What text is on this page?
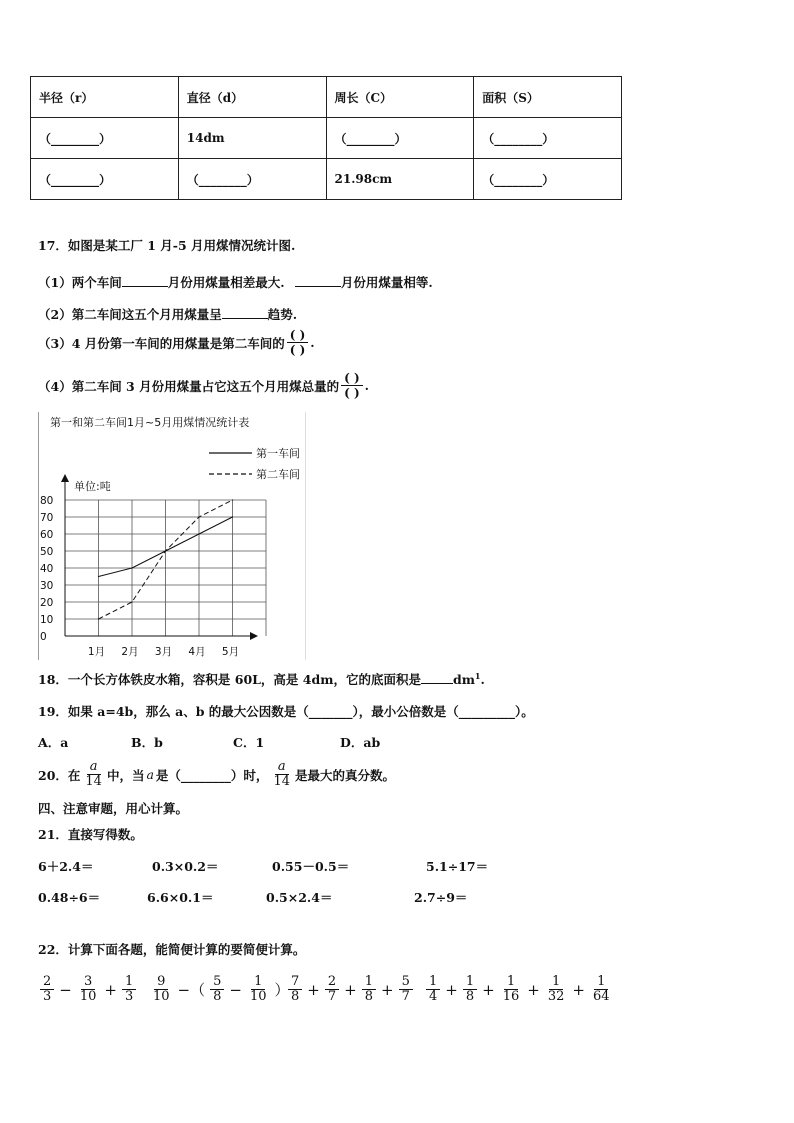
半径（r）	直径（d）	周长（C）	面积（S）
（________）	14dm	（________）	（________）
（________）	（________）	21.98cm	（________）
17．如图是某工厂 1 月-5 月用煤情况统计图.
（1）两个车间	月份用煤量相差最大.	月份用煤量相等.
（2）第二车间这五个月用煤量呈	趋势.
（3）4 月份第一车间的用煤量是第二车间的 $\frac{( )}{( )}$ .
（4）第二车间 3 月份用煤量占它这五个月用煤总量的 $\frac{( )}{( )}$ .
第一和第二车间1月~5月用煤情况统计表
单位:吨
0
10
20
30
40
50
60
70
80
1月 2月 3月 4月 5月
第一车间
第二车间
18．一个长方体铁皮水箱，容积是 60L，高是 4dm，它的底面积是	$dm^1$.
19．如果 a=4b，那么 a、b 的最大公因数是（_______），最小公倍数是（_________）。
A．a	B．b	C．1	D．ab
20．在 $\frac{a}{14}$ 中，当 a 是（________）时， $\frac{a}{14}$ 是最大的真分数。
四、注意审题，用心计算。
21．直接写得数。
6＋2.4＝	0.3×0.2＝	0.55－0.5＝	5.1÷17＝
0.48÷6＝	6.6×0.1＝	0.5×2.4＝	2.7÷9＝
22．计算下面各题，能简便计算的要简便计算。
$\frac{2}{3} - \frac{3}{10} + \frac{1}{3} \frac{9}{10}$ −（ $\frac{5}{8} - \frac{1}{10}$ ）
$\frac{7}{8} + \frac{2}{7} + \frac{1}{8} + \frac{5}{7} \frac{1}{4} + \frac{1}{8} + \frac{1}{16} + \frac{1}{32} + \frac{1}{64}$
